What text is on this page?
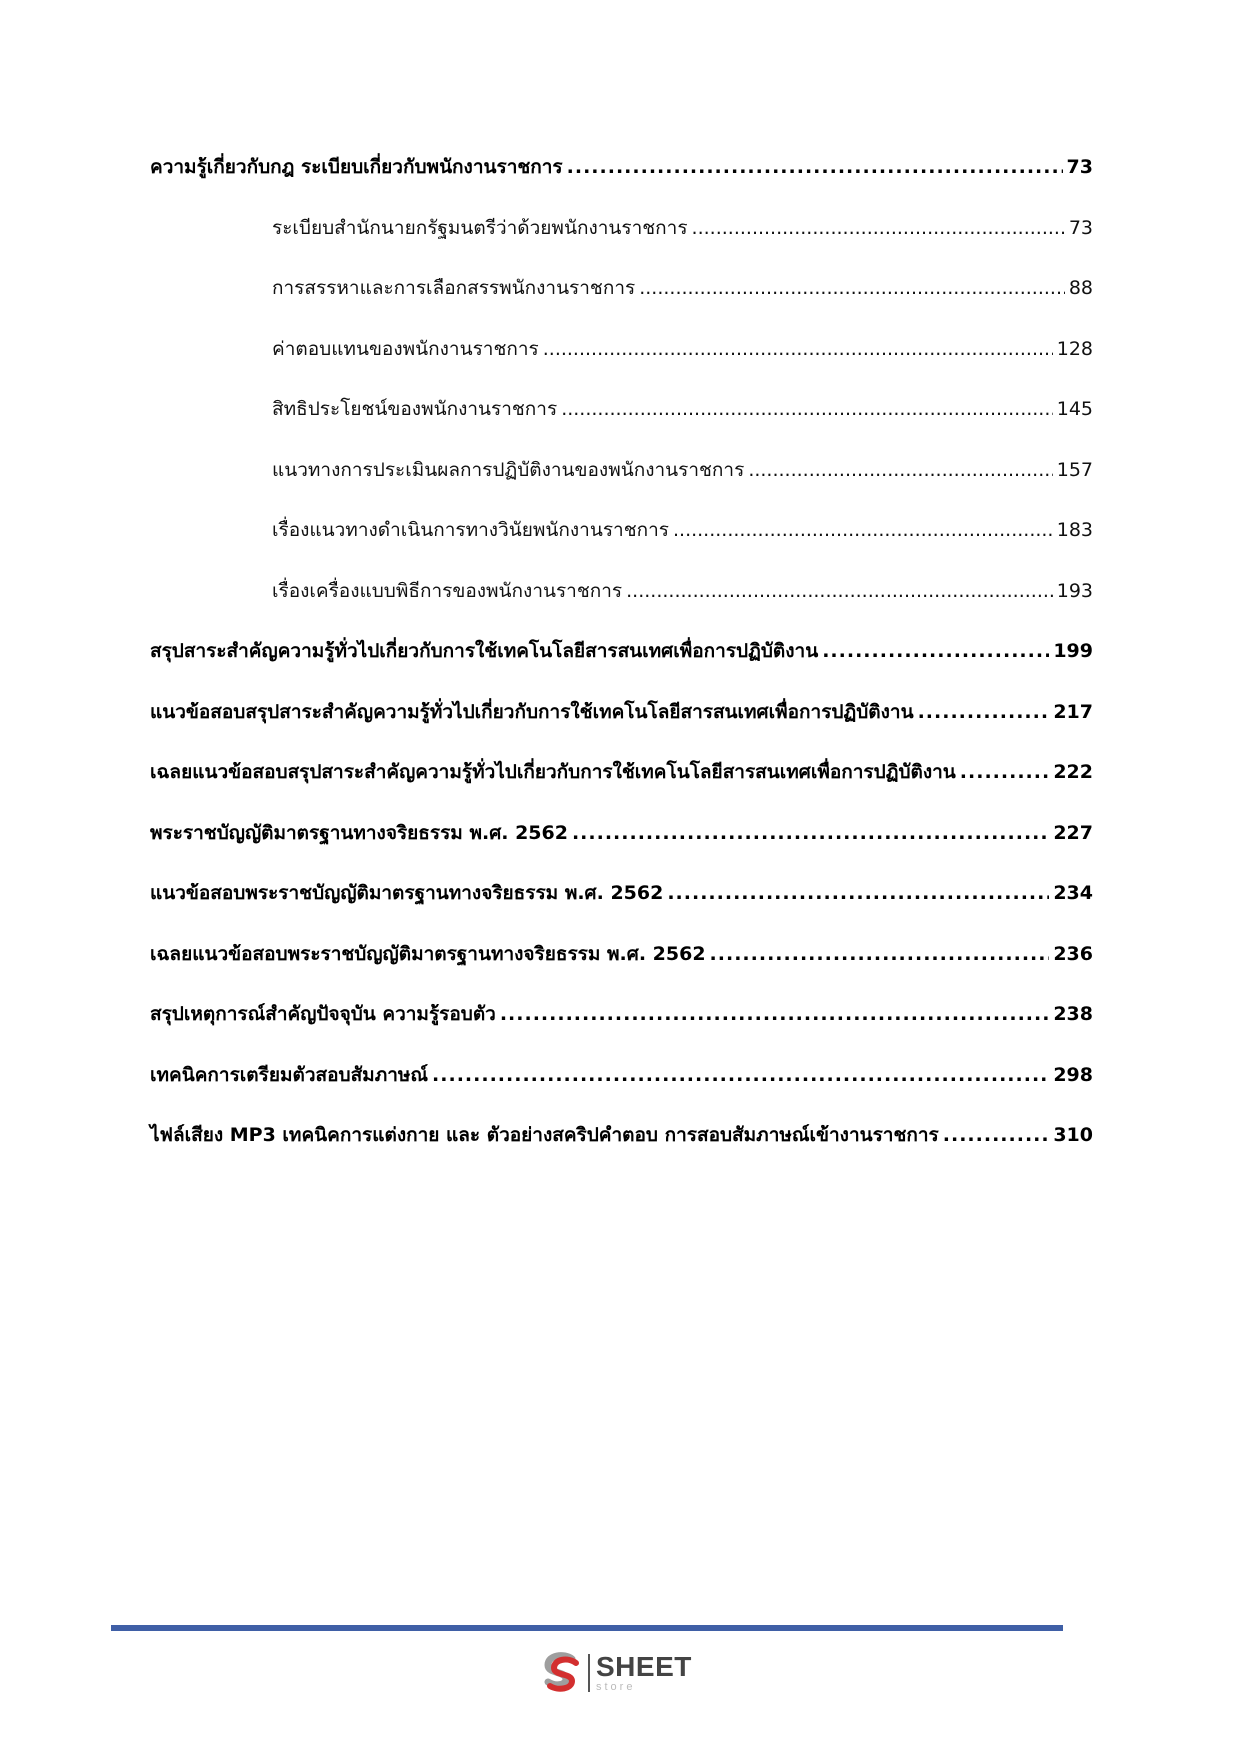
ความรู้เกี่ยวกับกฎ ระเบียบเกี่ยวกับพนักงานราชการ .....	73
ระเบียบสำนักนายกรัฐมนตรีว่าด้วยพนักงานราชการ .....	73
การสรรหาและการเลือกสรรพนักงานราชการ .....	88
ค่าตอบแทนของพนักงานราชการ .....	128
สิทธิประโยชน์ของพนักงานราชการ .....	145
แนวทางการประเมินผลการปฏิบัติงานของพนักงานราชการ .....	157
เรื่องแนวทางดำเนินการทางวินัยพนักงานราชการ .....	183
เรื่องเครื่องแบบพิธีการของพนักงานราชการ .....	193
สรุปสาระสำคัญความรู้ทั่วไปเกี่ยวกับการใช้เทคโนโลยีสารสนเทศเพื่อการปฏิบัติงาน .....	199
แนวข้อสอบสรุปสาระสำคัญความรู้ทั่วไปเกี่ยวกับการใช้เทคโนโลยีสารสนเทศเพื่อการปฏิบัติงาน .....	217
เฉลยแนวข้อสอบสรุปสาระสำคัญความรู้ทั่วไปเกี่ยวกับการใช้เทคโนโลยีสารสนเทศเพื่อการปฏิบัติงาน .....	222
พระราชบัญญัติมาตรฐานทางจริยธรรม พ.ศ. 2562 .....	227
แนวข้อสอบพระราชบัญญัติมาตรฐานทางจริยธรรม พ.ศ. 2562 .....	234
เฉลยแนวข้อสอบพระราชบัญญัติมาตรฐานทางจริยธรรม พ.ศ. 2562 .....	236
สรุปเหตุการณ์สำคัญปัจจุบัน ความรู้รอบตัว .....	238
เทคนิคการเตรียมตัวสอบสัมภาษณ์ .....	298
ไฟล์เสียง MP3 เทคนิคการแต่งกาย และ ตัวอย่างสคริปคำตอบ การสอบสัมภาษณ์เข้างานราชการ .....	310
SHEET
store
